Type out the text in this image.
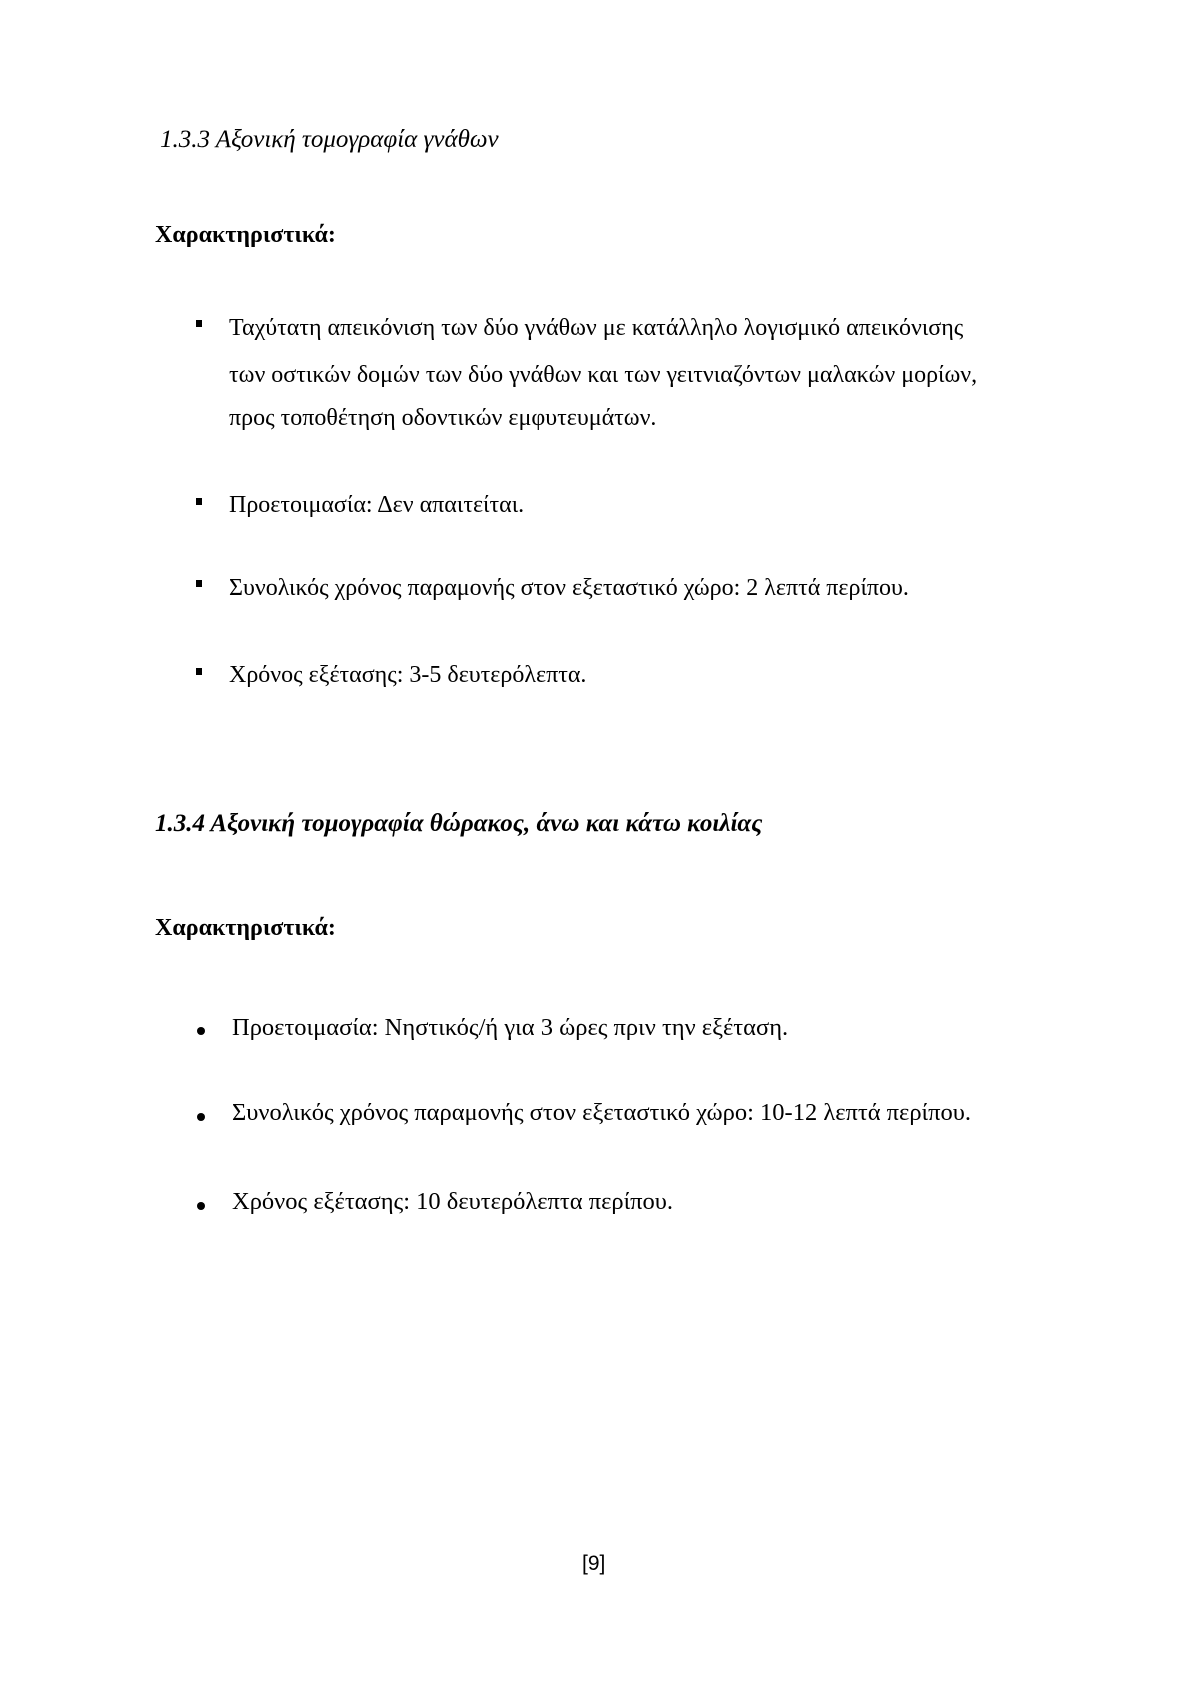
1.3.3 Αξονική τομογραφία γνάθων
Χαρακτηριστικά:
Ταχύτατη απεικόνιση των δύο γνάθων με κατάλληλο λογισμικό απεικόνισης
των οστικών δομών των δύο γνάθων και των γειτνιαζόντων μαλακών μορίων,
προς τοποθέτηση οδοντικών εμφυτευμάτων.
Προετοιμασία: Δεν απαιτείται.
Συνολικός χρόνος παραμονής στον εξεταστικό χώρο: 2 λεπτά περίπου.
Χρόνος εξέτασης: 3-5 δευτερόλεπτα.
1.3.4 Αξονική τομογραφία θώρακος, άνω και κάτω κοιλίας
Χαρακτηριστικά:
Προετοιμασία: Νηστικός/ή για 3 ώρες πριν την εξέταση.
Συνολικός χρόνος παραμονής στον εξεταστικό χώρο: 10-12 λεπτά περίπου.
Χρόνος εξέτασης: 10 δευτερόλεπτα περίπου.
[9]
